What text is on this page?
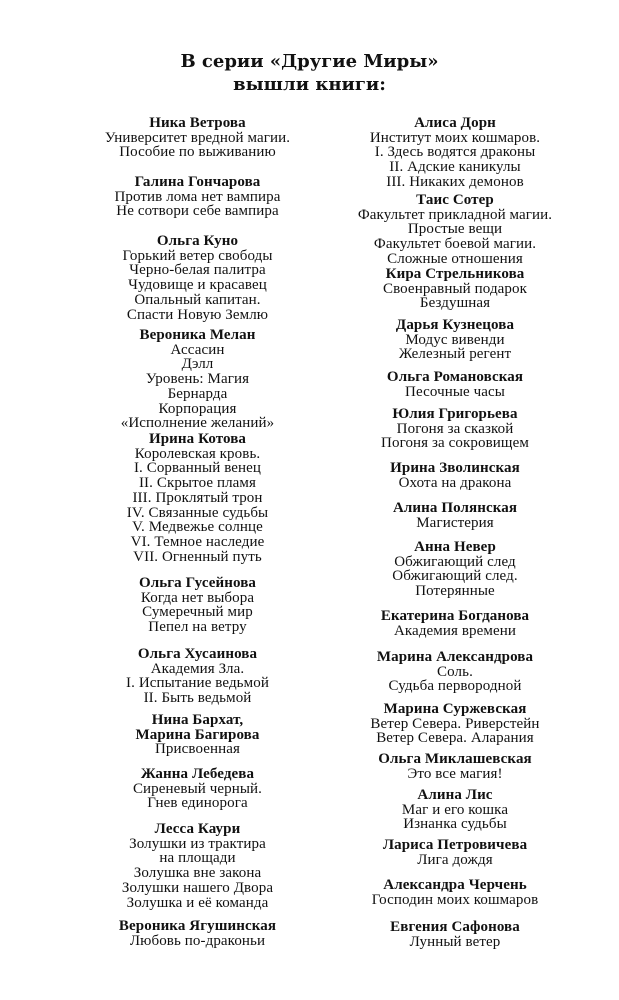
В серии «Другие Миры»
вышли книги:
Ника Ветрова
Университет вредной магии.
Пособие по выживанию
Галина Гончарова
Против лома нет вампира
Не сотвори себе вампира
Ольга Куно
Горький ветер свободы
Черно-белая палитра
Чудовище и красавец
Опальный капитан.
Спасти Новую Землю
Вероника Мелан
Ассасин
Дэлл
Уровень: Магия
Бернарда
Корпорация
«Исполнение желаний»
Ирина Котова
Королевская кровь.
I. Сорванный венец
II. Скрытое пламя
III. Проклятый трон
IV. Связанные судьбы
V. Медвежье солнце
VI. Темное наследие
VII. Огненный путь
Ольга Гусейнова
Когда нет выбора
Сумеречный мир
Пепел на ветру
Ольга Хусаинова
Академия Зла.
I. Испытание ведьмой
II. Быть ведьмой
Нина Бархат,
Марина Багирова
Присвоенная
Жанна Лебедева
Сиреневый черный.
Гнев единорога
Лесса Каури
Золушки из трактира
на площади
Золушка вне закона
Золушки нашего Двора
Золушка и её команда
Вероника Ягушинская
Любовь по-драконьи
Алиса Дорн
Институт моих кошмаров.
I. Здесь водятся драконы
II. Адские каникулы
III. Никаких демонов
Таис Сотер
Факультет прикладной магии.
Простые вещи
Факультет боевой магии.
Сложные отношения
Кира Стрельникова
Своенравный подарок
Бездушная
Дарья Кузнецова
Модус вивенди
Железный регент
Ольга Романовская
Песочные часы
Юлия Григорьева
Погоня за сказкой
Погоня за сокровищем
Ирина Зволинская
Охота на дракона
Алина Полянская
Магистерия
Анна Невер
Обжигающий след
Обжигающий след.
Потерянные
Екатерина Богданова
Академия времени
Марина Александрова
Соль.
Судьба первородной
Марина Суржевская
Ветер Севера. Риверстейн
Ветер Севера. Аларания
Ольга Миклашевская
Это все магия!
Алина Лис
Маг и его кошка
Изнанка судьбы
Лариса Петровичева
Лига дождя
Александра Черчень
Господин моих кошмаров
Евгения Сафонова
Лунный ветер
